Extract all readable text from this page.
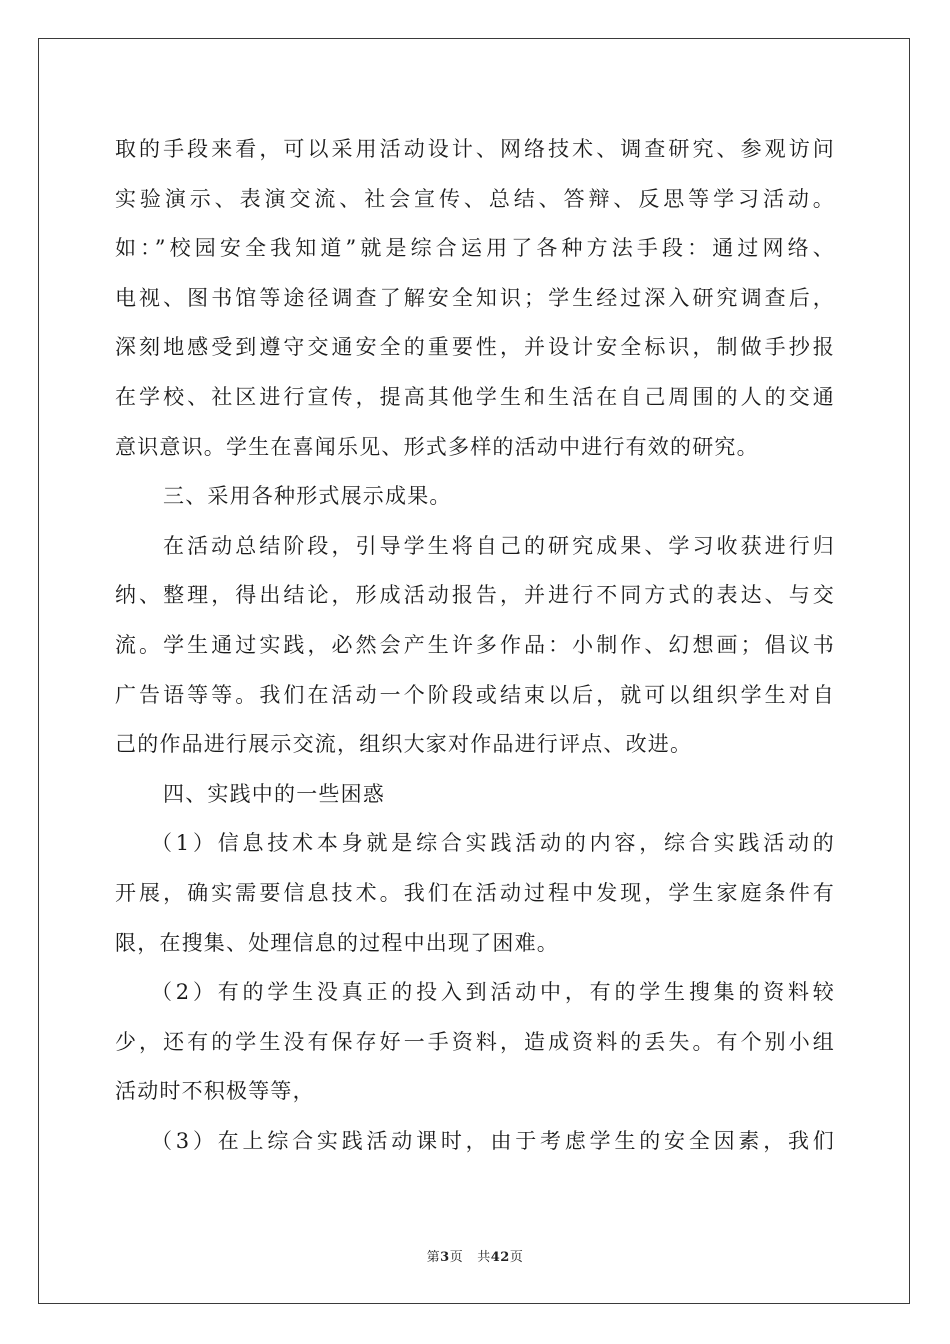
取的手段来看，可以采用活动设计、网络技术、调查研究、参观访问
实验演示、表演交流、社会宣传、总结、答辩、反思等学习活动。
如：”校园安全我知道”就是综合运用了各种方法手段：通过网络、
电视、图书馆等途径调查了解安全知识；学生经过深入研究调查后，
深刻地感受到遵守交通安全的重要性，并设计安全标识，制做手抄报
在学校、社区进行宣传，提高其他学生和生活在自己周围的人的交通
意识意识。学生在喜闻乐见、形式多样的活动中进行有效的研究。
三、采用各种形式展示成果。
在活动总结阶段，引导学生将自己的研究成果、学习收获进行归
纳、整理，得出结论，形成活动报告，并进行不同方式的表达、与交
流。学生通过实践，必然会产生许多作品：小制作、幻想画；倡议书
广告语等等。我们在活动一个阶段或结束以后，就可以组织学生对自
己的作品进行展示交流，组织大家对作品进行评点、改进。
四、实践中的一些困惑
（1）信息技术本身就是综合实践活动的内容，综合实践活动的
开展，确实需要信息技术。我们在活动过程中发现，学生家庭条件有
限，在搜集、处理信息的过程中出现了困难。
（2）有的学生没真正的投入到活动中，有的学生搜集的资料较
少，还有的学生没有保存好一手资料，造成资料的丢失。有个别小组
活动时不积极等等，
（3）在上综合实践活动课时，由于考虑学生的安全因素，我们
第3页 共42页
